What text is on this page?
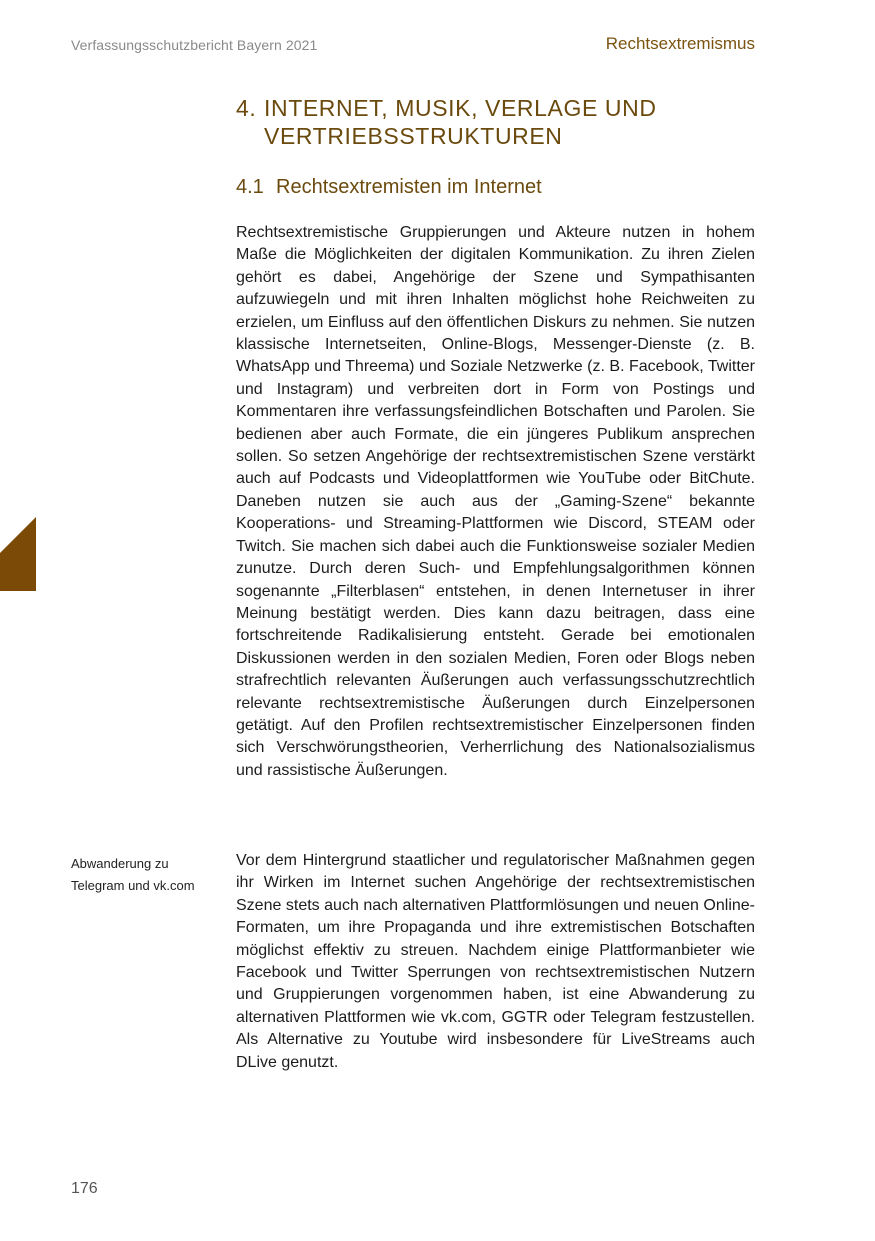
Verfassungsschutzbericht Bayern 2021	Rechtsextremismus
4. INTERNET, MUSIK, VERLAGE UND
VERTRIEBSSTRUKTUREN
4.1 Rechtsextremisten im Internet

Rechtsextremistische Gruppierungen und Akteure nutzen in hohem Maße die Möglichkeiten der digitalen Kommunikation. Zu ihren Zielen gehört es dabei, Angehörige der Szene und Sympathisanten aufzuwiegeln und mit ihren Inhalten möglichst hohe Reichweiten zu erzielen, um Einfluss auf den öffentlichen Diskurs zu nehmen. Sie nutzen klassische Internetseiten, Online-Blogs, Messenger-Dienste (z. B. WhatsApp und Threema) und Soziale Netzwerke (z. B. Facebook, Twitter und Instagram) und verbreiten dort in Form von Postings und Kommentaren ihre verfassungsfeindlichen Botschaften und Parolen. Sie bedienen aber auch Formate, die ein jüngeres Publikum ansprechen sollen. So setzen Angehörige der rechtsextremistischen Szene verstärkt auch auf Podcasts und Videoplattformen wie YouTube oder BitChute. Daneben nutzen sie auch aus der „Gaming-Szene“ bekannte Kooperations- und Streaming-Plattformen wie Discord, STEAM oder Twitch. Sie machen sich dabei auch die Funktionsweise sozialer Medien zunutze. Durch deren Such- und Empfehlungsalgorithmen können sogenannte „Filterblasen“ entstehen, in denen Internetuser in ihrer Meinung bestätigt werden. Dies kann dazu beitragen, dass eine fortschreitende Radikalisierung entsteht. Gerade bei emotionalen Diskussionen werden in den sozialen Medien, Foren oder Blogs neben strafrechtlich relevanten Äußerungen auch verfassungsschutzrechtlich relevante rechtsextremistische Äußerungen durch Einzelpersonen getätigt. Auf den Profilen rechtsextremistischer Einzelpersonen finden sich Verschwörungstheorien, Verherrlichung des Nationalsozialismus und rassistische Äußerungen.

Abwanderung zu
Telegram und vk.com

Vor dem Hintergrund staatlicher und regulatorischer Maßnahmen gegen ihr Wirken im Internet suchen Angehörige der rechtsextremistischen Szene stets auch nach alternativen Plattformlösungen und neuen Online-Formaten, um ihre Propaganda und ihre extremistischen Botschaften möglichst effektiv zu streuen. Nachdem einige Plattformanbieter wie Facebook und Twitter Sperrungen von rechtsextremistischen Nutzern und Gruppierungen vorgenommen haben, ist eine Abwanderung zu alternativen Plattformen wie vk.com, GGTR oder Telegram festzustellen. Als Alternative zu Youtube wird insbesondere für LiveStreams auch DLive genutzt.

176
